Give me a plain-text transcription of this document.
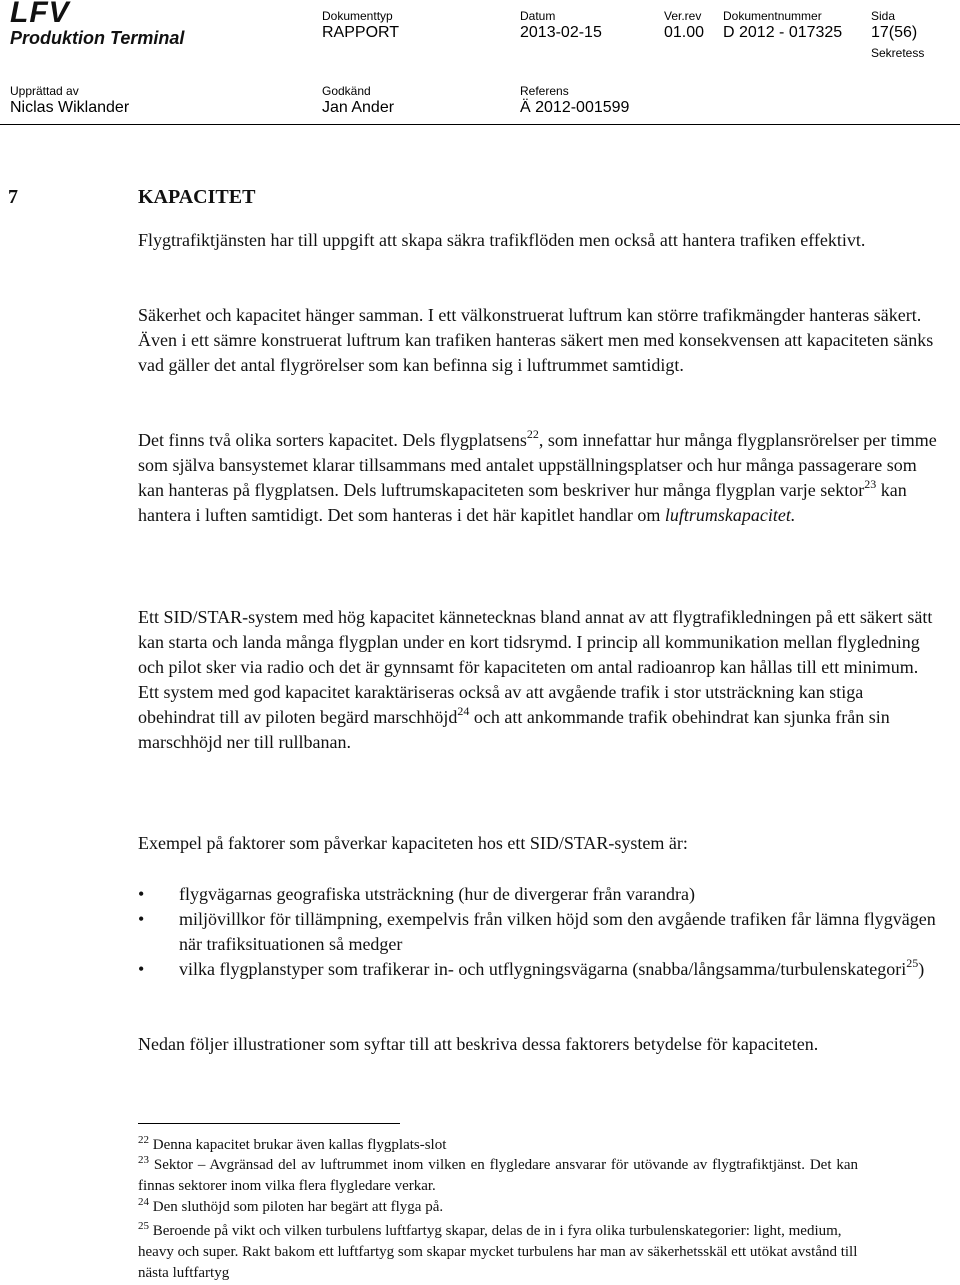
LFV
Produktion Terminal
Dokumenttyp
RAPPORT
Datum
2013-02-15
Ver.rev
01.00
Dokumentnummer
D 2012 - 017325
Sida
17(56)
Sekretess
Upprättad av
Niclas Wiklander
Godkänd
Jan Ander
Referens
Ä 2012-001599
7	KAPACITET

Flygtrafiktjänsten har till uppgift att skapa säkra trafikflöden men också att hantera trafiken effektivt.

Säkerhet och kapacitet hänger samman. I ett välkonstruerat luftrum kan större trafikmängder hanteras säkert. Även i ett sämre konstruerat luftrum kan trafiken hanteras säkert men med konsekvensen att kapaciteten sänks vad gäller det antal flygrörelser som kan befinna sig i luftrummet samtidigt.

Det finns två olika sorters kapacitet. Dels flygplatsens$^{22}$, som innefattar hur många flygplansrörelser per timme som själva bansystemet klarar tillsammans med antalet uppställningsplatser och hur många passagerare som kan hanteras på flygplatsen. Dels luftrumskapaciteten som beskriver hur många flygplan varje sektor$^{23}$ kan hantera i luften samtidigt. Det som hanteras i det här kapitlet handlar om luftrumskapacitet.

Ett SID/STAR-system med hög kapacitet kännetecknas bland annat av att flygtrafikledningen på ett säkert sätt kan starta och landa många flygplan under en kort tidsrymd. I princip all kommunikation mellan flygledning och pilot sker via radio och det är gynnsamt för kapaciteten om antal radioanrop kan hållas till ett minimum. Ett system med god kapacitet karaktäriseras också av att avgående trafik i stor utsträckning kan stiga obehindrat till av piloten begärd marschhöjd$^{24}$ och att ankommande trafik obehindrat kan sjunka från sin marschhöjd ner till rullbanan.

Exempel på faktorer som påverkar kapaciteten hos ett SID/STAR-system är:

• flygvägarnas geografiska utsträckning (hur de divergerar från varandra)
• miljövillkor för tillämpning, exempelvis från vilken höjd som den avgående trafiken får lämna flygvägen när trafiksituationen så medger
• vilka flygplanstyper som trafikerar in- och utflygningsvägarna (snabba/långsamma/turbulenskategori$^{25}$)

Nedan följer illustrationer som syftar till att beskriva dessa faktorers betydelse för kapaciteten.

$^{22}$ Denna kapacitet brukar även kallas flygplats-slot
$^{23}$ Sektor – Avgränsad del av luftrummet inom vilken en flygledare ansvarar för utövande av flygtrafiktjänst. Det kan finnas sektorer inom vilka flera flygledare verkar.
$^{24}$ Den sluthöjd som piloten har begärt att flyga på.
$^{25}$ Beroende på vikt och vilken turbulens luftfartyg skapar, delas de in i fyra olika turbulenskategorier: light, medium, heavy och super. Rakt bakom ett luftfartyg som skapar mycket turbulens har man av säkerhetsskäl ett utökat avstånd till nästa luftfartyg
